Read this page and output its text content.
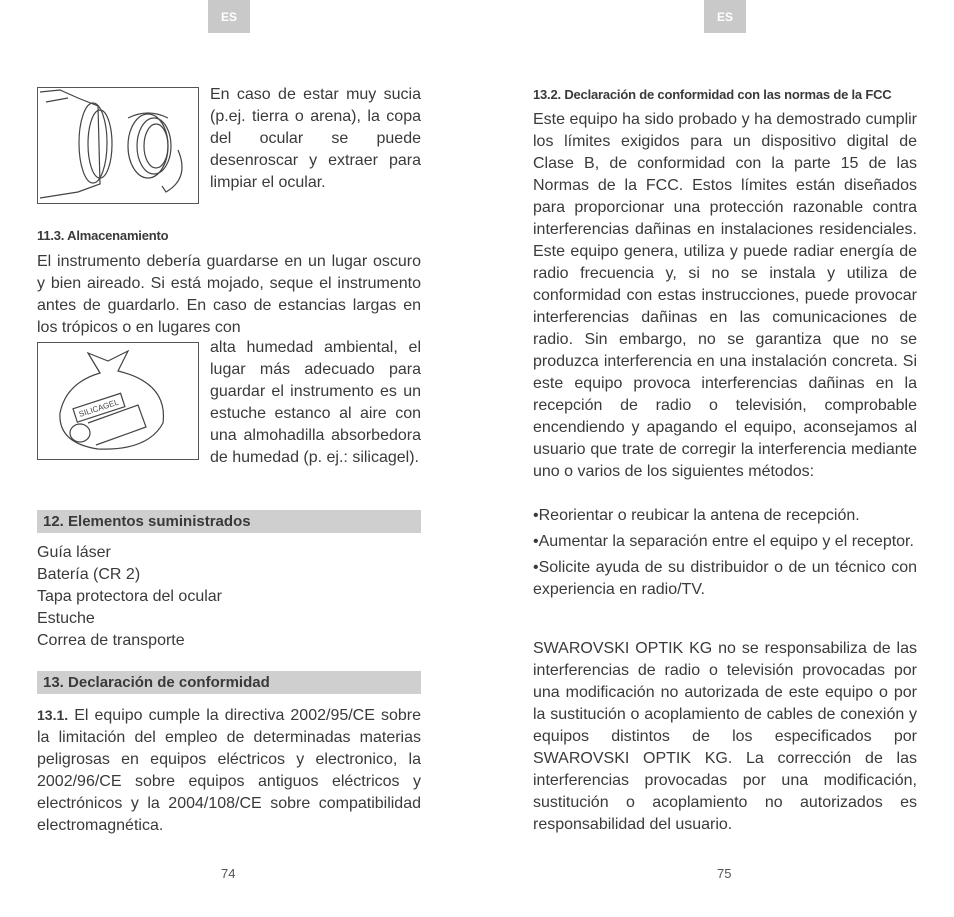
ES

En caso de estar muy sucia (p.ej. tierra o arena), la copa del ocular se puede desenroscar y extraer para limpiar el ocular.

11.3. Almacenamiento

El instrumento debería guardarse en un lugar oscuro y bien aireado. Si está mojado, seque el instrumento antes de guardarlo. En caso de estancias largas en los trópicos o en lugares con

SILICAGEL

alta humedad ambiental, el lugar más adecuado para guardar el instrumento es un estuche estanco al aire con una almohadilla absorbedora de humedad (p. ej.: silicagel).

12. Elementos suministrados

Guía láser

Batería (CR 2)

Tapa protectora del ocular

Estuche

Correa de transporte

13. Declaración de conformidad

13.1. El equipo cumple la directiva 2002/95/CE sobre la limitación del empleo de determinadas materias peligrosas en equipos eléctricos y electronico, la 2002/96/CE sobre equipos antiguos eléctricos y electrónicos y la 2004/108/CE sobre compatibilidad electromagnética.

74
ES

13.2. Declaración de conformidad con las normas de la FCC

Este equipo ha sido probado y ha demostrado cumplir los límites exigidos para un dispositivo digital de Clase B, de conformidad con la parte 15 de las Normas de la FCC. Estos límites están diseñados para proporcionar una protección razonable contra interferencias dañinas en instalaciones residenciales. Este equipo genera, utiliza y puede radiar energía de radio frecuencia y, si no se instala y utiliza de conformidad con estas instrucciones, puede provocar interferencias dañinas en las comunicaciones de radio. Sin embargo, no se garantiza que no se produzca interferencia en una instalación concreta. Si este equipo provoca interferencias dañinas en la recepción de radio o televisión, comprobable encendiendo y apagando el equipo, aconsejamos al usuario que trate de corregir la interferencia mediante uno o varios de los siguientes métodos:

•Reorientar o reubicar la antena de recepción.

•Aumentar la separación entre el equipo y el receptor.

•Solicite ayuda de su distribuidor o de un técnico con experiencia en radio/TV.

SWAROVSKI OPTIK KG no se responsabiliza de las interferencias de radio o televisión provocadas por una modificación no autorizada de este equipo o por la sustitución o acoplamiento de cables de conexión y equipos distintos de los especificados por SWAROVSKI OPTIK KG. La corrección de las interferencias provocadas por una modificación, sustitución o acoplamiento no autorizados es responsabilidad del usuario.

75
